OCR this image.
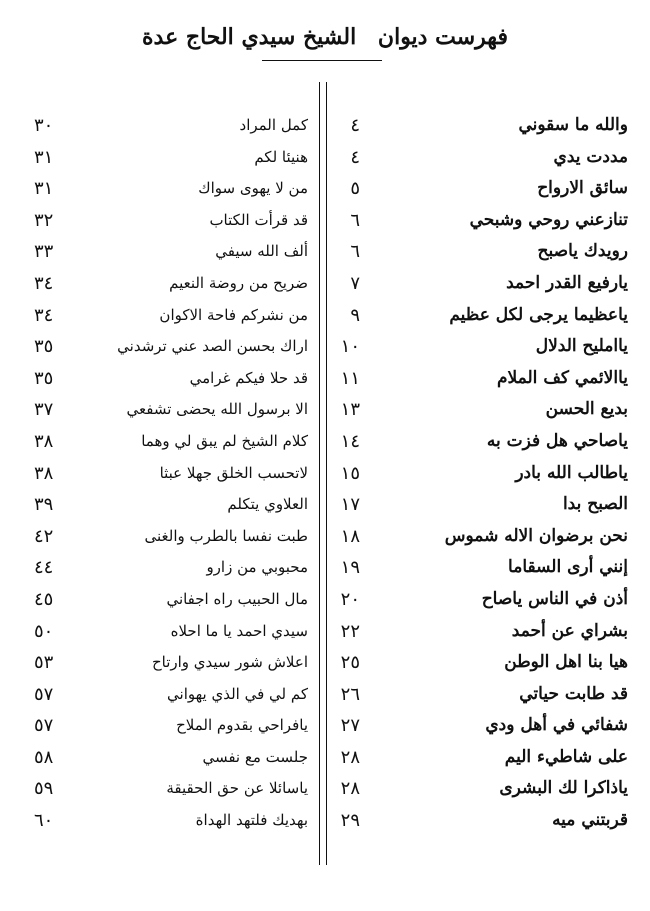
فهرست ديوان الشيخ سيدي الحاج عدة
والله ما سقوني
٤
كمل المراد
٣٠
مددت يدي
٤
هنيئا لكم
٣١
سائق الارواح
٥
من لا يهوى سواك
٣١
تنازعني روحي وشبحي
٦
قد قرأت الكتاب
٣٢
رويدك ياصبح
٦
ألف الله سيفي
٣٣
يارفيع القدر احمد
٧
ضريح من روضة النعيم
٣٤
ياعظيما يرجى لكل عظيم
٩
من نشركم فاحة الاكوان
٣٤
ياامليح الدلال
١٠
اراك بحسن الصد عني ترشدني
٣٥
ياالائمي كف الملام
١١
قد حلا فيكم غرامي
٣٥
بديع الحسن
١٣
الا برسول الله يحضى تشفعي
٣٧
ياصاحي هل فزت به
١٤
كلام الشيخ لم يبق لي وهما
٣٨
ياطالب الله بادر
١٥
لاتحسب الخلق جهلا عبثا
٣٨
الصبح بدا
١٧
العلاوي يتكلم
٣٩
نحن برضوان الاله شموس
١٨
طبت نفسا بالطرب والغنى
٤٢
إنني أرى السقاما
١٩
محبوبي من زارو
٤٤
أذن في الناس ياصاح
٢٠
مال الحبيب راه اجفاني
٤٥
بشراي عن أحمد
٢٢
سيدي احمد يا ما احلاه
٥٠
هيا بنا اهل الوطن
٢٥
اعلاش شور سيدي وارتاح
٥٣
قد طابت حياتي
٢٦
كم لي في الذي يهواني
٥٧
شفائي في أهل ودي
٢٧
يافراحي بقدوم الملاح
٥٧
على شاطيء اليم
٢٨
جلست مع نفسي
٥٨
ياذاكرا لك البشرى
٢٨
ياسائلا عن حق الحقيقة
٥٩
قربتني ميه
٢٩
بهديك فلتهد الهداة
٦٠
